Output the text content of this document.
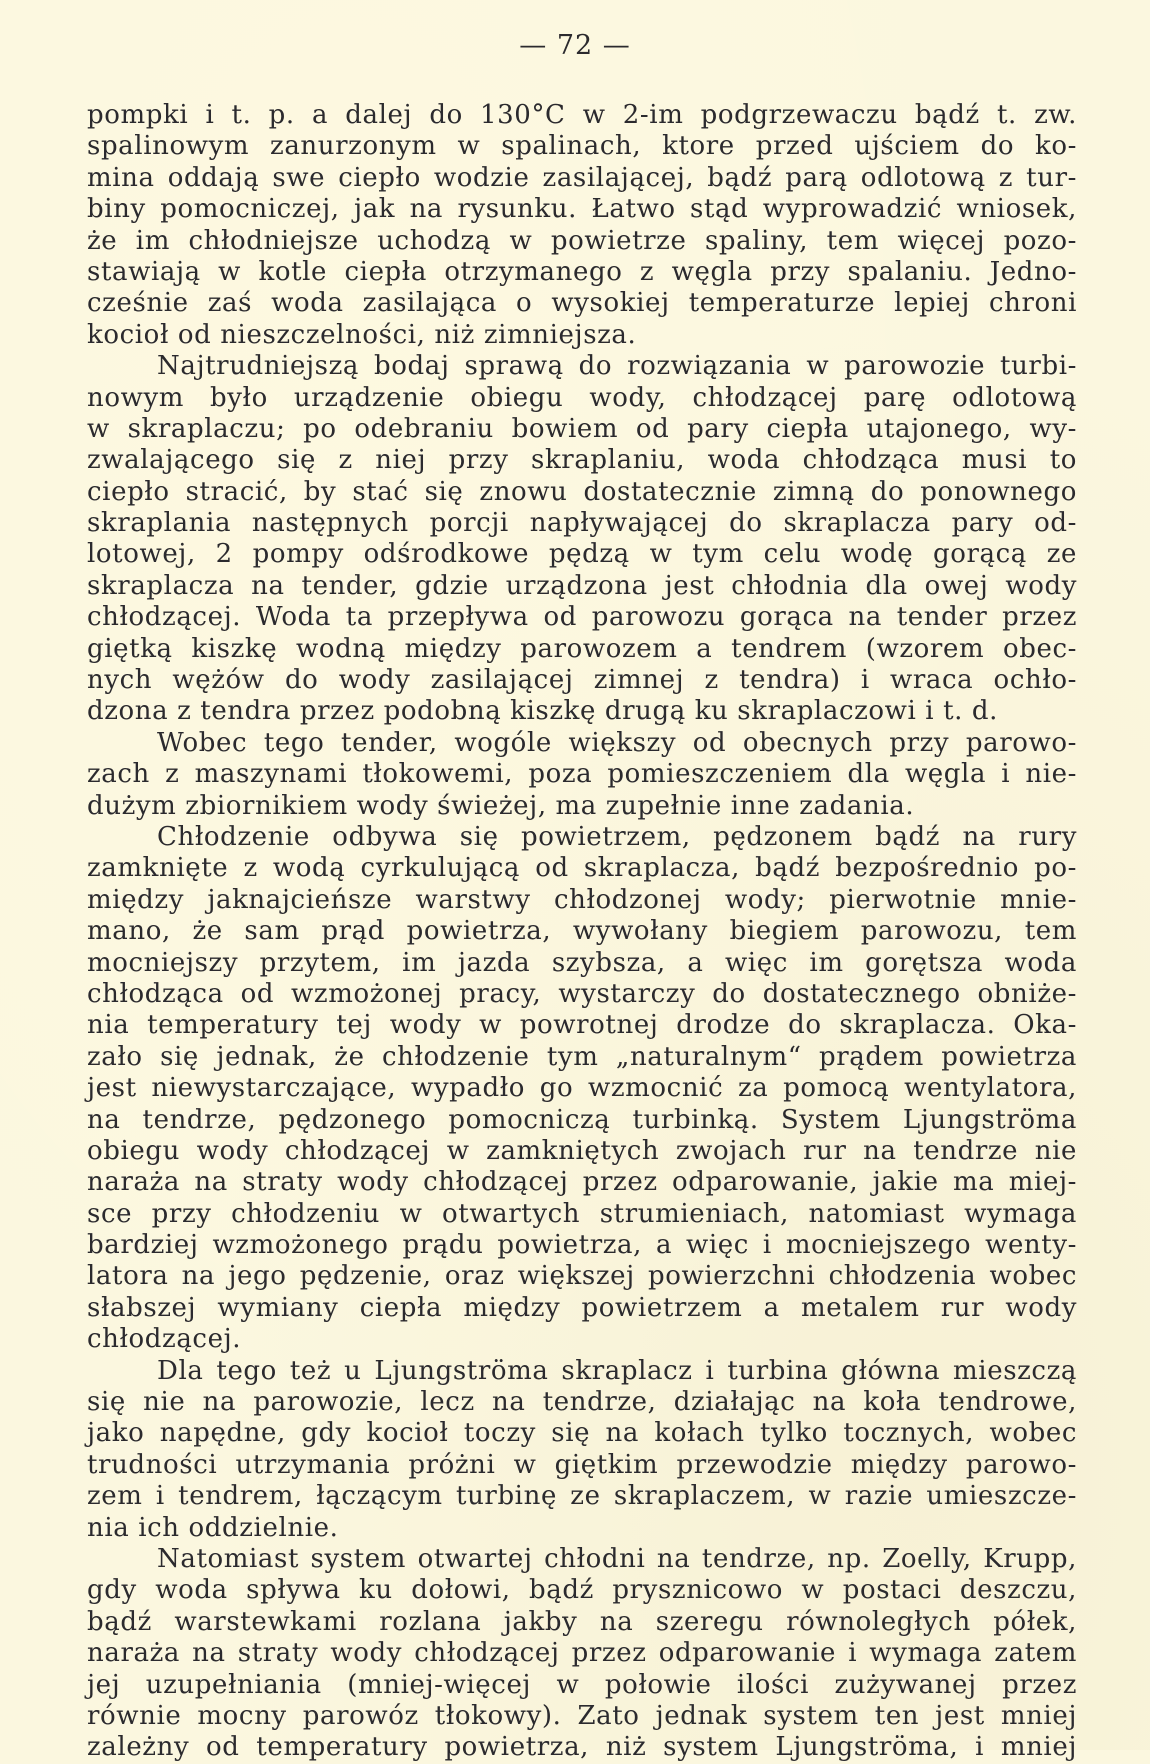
— 72 —
pompki i t. p. a dalej do 130°C w 2-im podgrzewaczu bądź t. zw.
spalinowym zanurzonym w spalinach, ktore przed ujściem do ko-
mina oddają swe ciepło wodzie zasilającej, bądź parą odlotową z tur-
biny pomocniczej, jak na rysunku. Łatwo stąd wyprowadzić wniosek,
że im chłodniejsze uchodzą w powietrze spaliny, tem więcej pozo-
stawiają w kotle ciepła otrzymanego z węgla przy spalaniu. Jedno-
cześnie zaś woda zasilająca o wysokiej temperaturze lepiej chroni
kocioł od nieszczelności, niż zimniejsza.
Najtrudniejszą bodaj sprawą do rozwiązania w parowozie turbi-
nowym było urządzenie obiegu wody, chłodzącej parę odlotową
w skraplaczu; po odebraniu bowiem od pary ciepła utajonego, wy-
zwalającego się z niej przy skraplaniu, woda chłodząca musi to
ciepło stracić, by stać się znowu dostatecznie zimną do ponownego
skraplania następnych porcji napływającej do skraplacza pary od-
lotowej, 2 pompy odśrodkowe pędzą w tym celu wodę gorącą ze
skraplacza na tender, gdzie urządzona jest chłodnia dla owej wody
chłodzącej. Woda ta przepływa od parowozu gorąca na tender przez
giętką kiszkę wodną między parowozem a tendrem (wzorem obec-
nych wężów do wody zasilającej zimnej z tendra) i wraca ochło-
dzona z tendra przez podobną kiszkę drugą ku skraplaczowi i t. d.
Wobec tego tender, wogóle większy od obecnych przy parowo-
zach z maszynami tłokowemi, poza pomieszczeniem dla węgla i nie-
dużym zbiornikiem wody świeżej, ma zupełnie inne zadania.
Chłodzenie odbywa się powietrzem, pędzonem bądź na rury
zamknięte z wodą cyrkulującą od skraplacza, bądź bezpośrednio po-
między jaknajcieńsze warstwy chłodzonej wody; pierwotnie mnie-
mano, że sam prąd powietrza, wywołany biegiem parowozu, tem
mocniejszy przytem, im jazda szybsza, a więc im gorętsza woda
chłodząca od wzmożonej pracy, wystarczy do dostatecznego obniże-
nia temperatury tej wody w powrotnej drodze do skraplacza. Oka-
zało się jednak, że chłodzenie tym „naturalnym“ prądem powietrza
jest niewystarczające, wypadło go wzmocnić za pomocą wentylatora,
na tendrze, pędzonego pomocniczą turbinką. System Ljungströma
obiegu wody chłodzącej w zamkniętych zwojach rur na tendrze nie
naraża na straty wody chłodzącej przez odparowanie, jakie ma miej-
sce przy chłodzeniu w otwartych strumieniach, natomiast wymaga
bardziej wzmożonego prądu powietrza, a więc i mocniejszego wenty-
latora na jego pędzenie, oraz większej powierzchni chłodzenia wobec
słabszej wymiany ciepła między powietrzem a metalem rur wody
chłodzącej.
Dla tego też u Ljungströma skraplacz i turbina główna mieszczą
się nie na parowozie, lecz na tendrze, działając na koła tendrowe,
jako napędne, gdy kocioł toczy się na kołach tylko tocznych, wobec
trudności utrzymania próżni w giętkim przewodzie między parowo-
zem i tendrem, łączącym turbinę ze skraplaczem, w razie umieszcze-
nia ich oddzielnie.
Natomiast system otwartej chłodni na tendrze, np. Zoelly, Krupp,
gdy woda spływa ku dołowi, bądź prysznicowo w postaci deszczu,
bądź warstewkami rozlana jakby na szeregu równoległych półek,
naraża na straty wody chłodzącej przez odparowanie i wymaga zatem
jej uzupełniania (mniej-więcej w połowie ilości zużywanej przez
równie mocny parowóz tłokowy). Zato jednak system ten jest mniej
zależny od temperatury powietrza, niż system Ljungströma, i mniej
